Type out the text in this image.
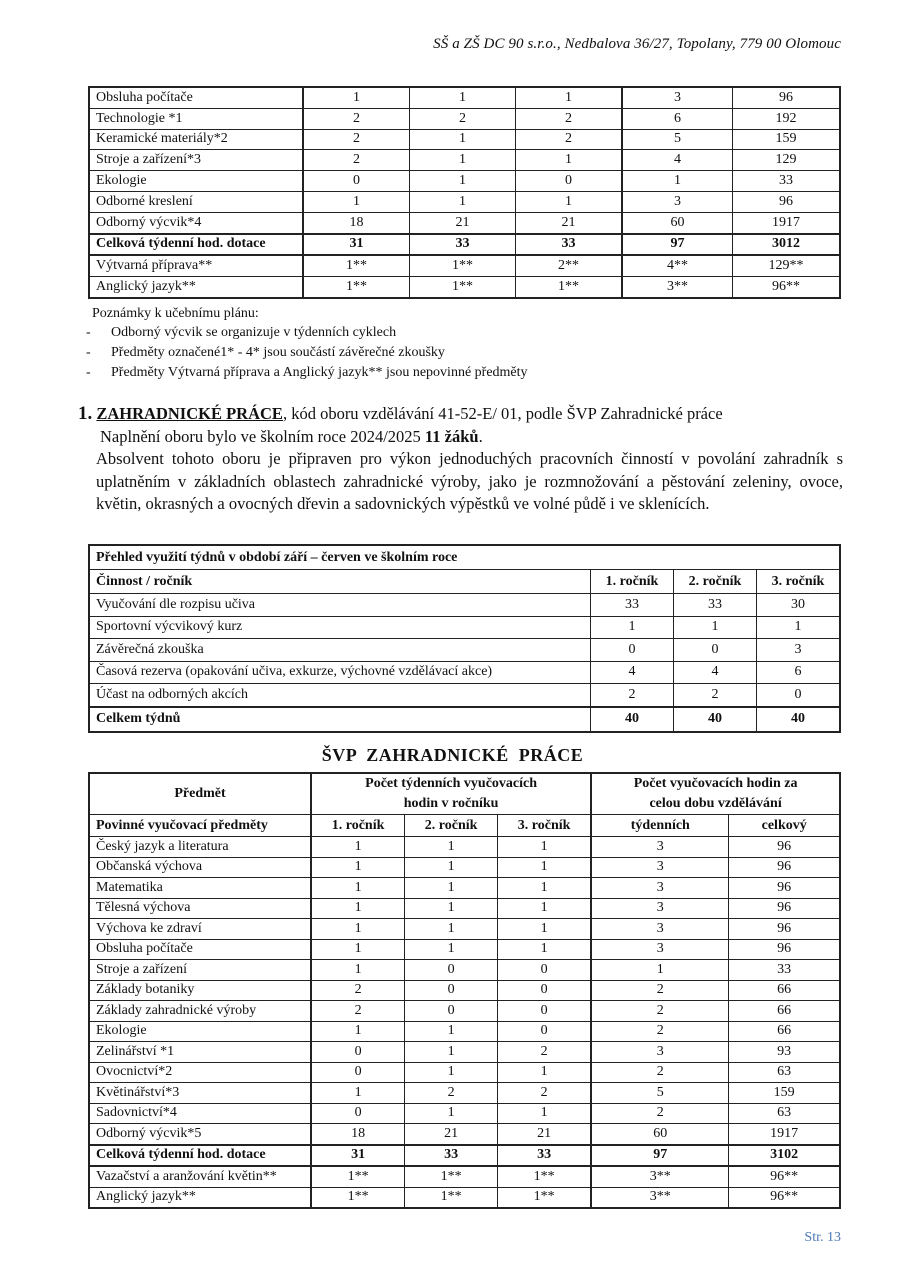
SŠ a ZŠ DC 90 s.r.o., Nedbalova 36/27, Topolany, 779 00 Olomouc
Obsluha počítače	1	1	1	3	96
Technologie *1	2	2	2	6	192
Keramické materiály*2	2	1	2	5	159
Stroje a zařízení*3	2	1	1	4	129
Ekologie	0	1	0	1	33
Odborné kreslení	1	1	1	3	96
Odborný výcvik*4	18	21	21	60	1917
Celková týdenní hod. dotace	31	33	33	97	3012
Výtvarná příprava**	1**	1**	2**	4**	129**
Anglický jazyk**	1**	1**	1**	3**	96**
Poznámky k učebnímu plánu:
-	Odborný výcvik se organizuje v týdenních cyklech
-	Předměty označené1* - 4* jsou součástí závěrečné zkoušky
-	Předměty Výtvarná příprava a Anglický jazyk** jsou nepovinné předměty
1. ZAHRADNICKÉ PRÁCE, kód oboru vzdělávání 41-52-E/ 01, podle ŠVP Zahradnické práce
Naplnění oboru bylo ve školním roce 2024/2025 11 žáků.
Absolvent tohoto oboru je připraven pro výkon jednoduchých pracovních činností v povolání zahradník s uplatněním v základních oblastech zahradnické výroby, jako je rozmnožování a pěstování zeleniny, ovoce, květin, okrasných a ovocných dřevin a sadovnických výpěstků ve volné půdě i ve sklenících.
Přehled využití týdnů v období září – červen ve školním roce			
Činnost / ročník	1. ročník	2. ročník	3. ročník
Vyučování dle rozpisu učiva	33	33	30
Sportovní výcvikový kurz	1	1	1
Závěrečná zkouška	0	0	3
Časová rezerva (opakování učiva, exkurze, výchovné vzdělávací akce)	4	4	6
Účast na odborných akcích	2	2	0
Celkem týdnů	40	40	40
ŠVP  ZAHRADNICKÉ  PRÁCE
Předmět	Počet týdenních vyučovacích hodin v ročníku			Počet vyučovacích hodin za celou dobu vzdělávání	
Povinné vyučovací předměty	1. ročník	2. ročník	3. ročník	týdenních	celkový
Český jazyk a literatura	1	1	1	3	96
Občanská výchova	1	1	1	3	96
Matematika	1	1	1	3	96
Tělesná výchova	1	1	1	3	96
Výchova ke zdraví	1	1	1	3	96
Obsluha počítače	1	1	1	3	96
Stroje a zařízení	1	0	0	1	33
Základy botaniky	2	0	0	2	66
Základy zahradnické výroby	2	0	0	2	66
Ekologie	1	1	0	2	66
Zelinářství *1	0	1	2	3	93
Ovocnictví*2	0	1	1	2	63
Květinářství*3	1	2	2	5	159
Sadovnictví*4	0	1	1	2	63
Odborný výcvik*5	18	21	21	60	1917
Celková týdenní hod. dotace	31	33	33	97	3102
Vazačství a aranžování květin**	1**	1**	1**	3**	96**
Anglický jazyk**	1**	1**	1**	3**	96**
Str. 13
